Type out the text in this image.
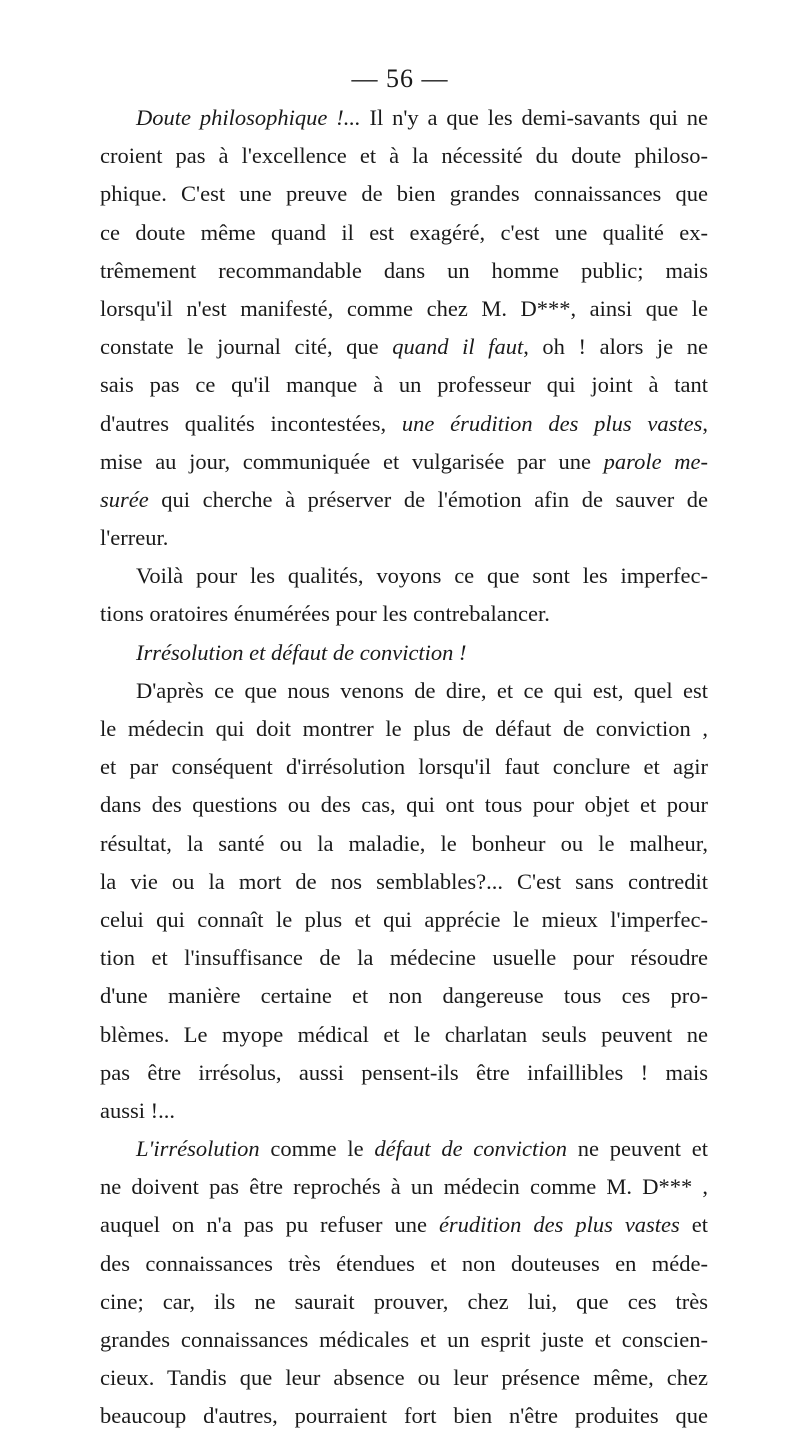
— 56 —
Doute philosophique !... Il n'y a que les demi-savants qui ne
croient pas à l'excellence et à la nécessité du doute philoso-
phique. C'est une preuve de bien grandes connaissances que
ce doute même quand il est exagéré, c'est une qualité ex-
trêmement recommandable dans un homme public; mais
lorsqu'il n'est manifesté, comme chez M. D***, ainsi que le
constate le journal cité, que quand il faut, oh ! alors je ne
sais pas ce qu'il manque à un professeur qui joint à tant
d'autres qualités incontestées, une érudition des plus vastes,
mise au jour, communiquée et vulgarisée par une parole me-
surée qui cherche à préserver de l'émotion afin de sauver de
l'erreur.
Voilà pour les qualités, voyons ce que sont les imperfec-
tions oratoires énumérées pour les contrebalancer.
Irrésolution et défaut de conviction !
D'après ce que nous venons de dire, et ce qui est, quel est
le médecin qui doit montrer le plus de défaut de conviction ,
et par conséquent d'irrésolution lorsqu'il faut conclure et agir
dans des questions ou des cas, qui ont tous pour objet et pour
résultat, la santé ou la maladie, le bonheur ou le malheur,
la vie ou la mort de nos semblables?... C'est sans contredit
celui qui connaît le plus et qui apprécie le mieux l'imperfec-
tion et l'insuffisance de la médecine usuelle pour résoudre
d'une manière certaine et non dangereuse tous ces pro-
blèmes. Le myope médical et le charlatan seuls peuvent ne
pas être irrésolus, aussi pensent-ils être infaillibles ! mais
aussi !...
L'irrésolution comme le défaut de conviction ne peuvent et
ne doivent pas être reprochés à un médecin comme M. D*** ,
auquel on n'a pas pu refuser une érudition des plus vastes et
des connaissances très étendues et non douteuses en méde-
cine; car, ils ne saurait prouver, chez lui, que ces très
grandes connaissances médicales et un esprit juste et conscien-
cieux. Tandis que leur absence ou leur présence même, chez
beaucoup d'autres, pourraient fort bien n'être produites que
